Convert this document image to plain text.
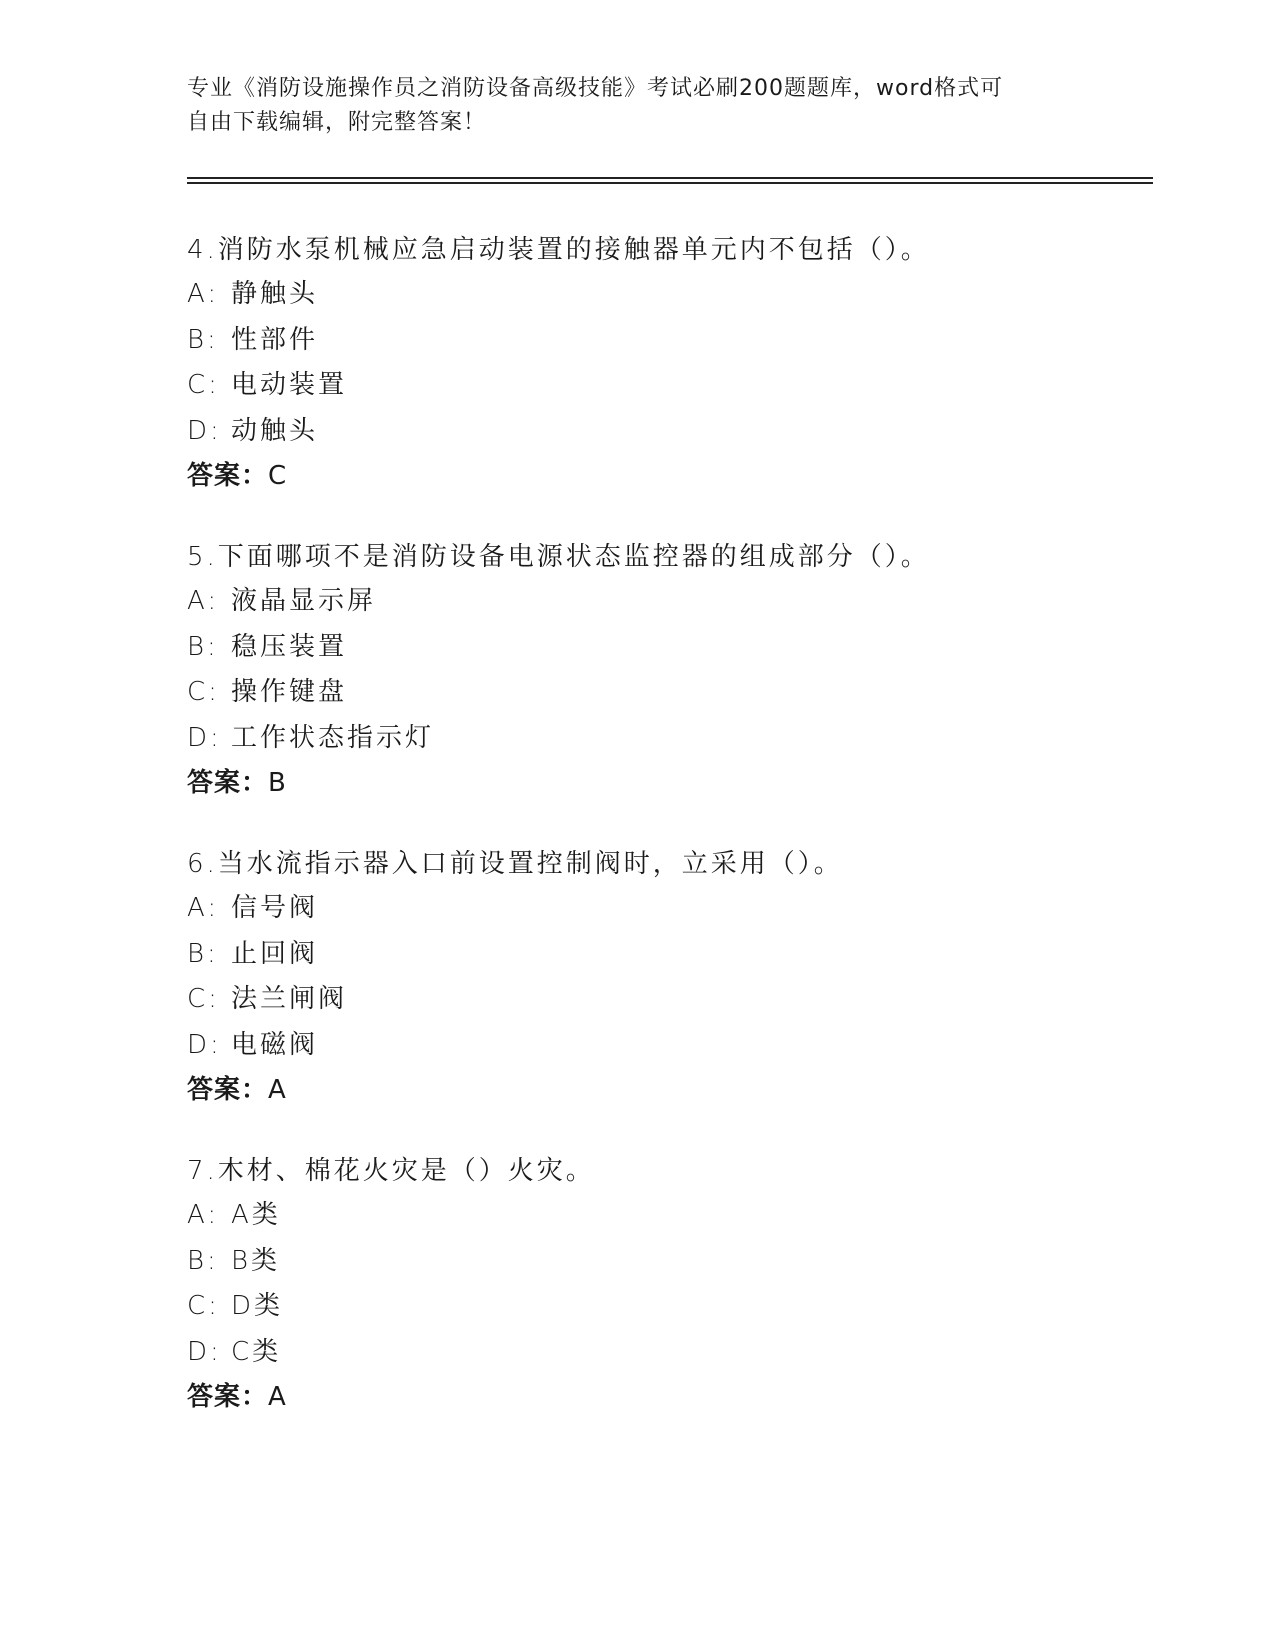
专业《消防设施操作员之消防设备高级技能》考试必刷200题题库，word格式可
自由下载编辑，附完整答案！
4.消防水泵机械应急启动装置的接触器单元内不包括（）。
A: 静触头
B: 性部件
C: 电动装置
D: 动触头
答案：C
5.下面哪项不是消防设备电源状态监控器的组成部分（）。
A: 液晶显示屏
B: 稳压装置
C: 操作键盘
D: 工作状态指示灯
答案：B
6.当水流指示器入口前设置控制阀时，立采用（）。
A: 信号阀
B: 止回阀
C: 法兰闸阀
D: 电磁阀
答案：A
7.木材、棉花火灾是（）火灾。
A: A类
B: B类
C: D类
D: C类
答案：A
